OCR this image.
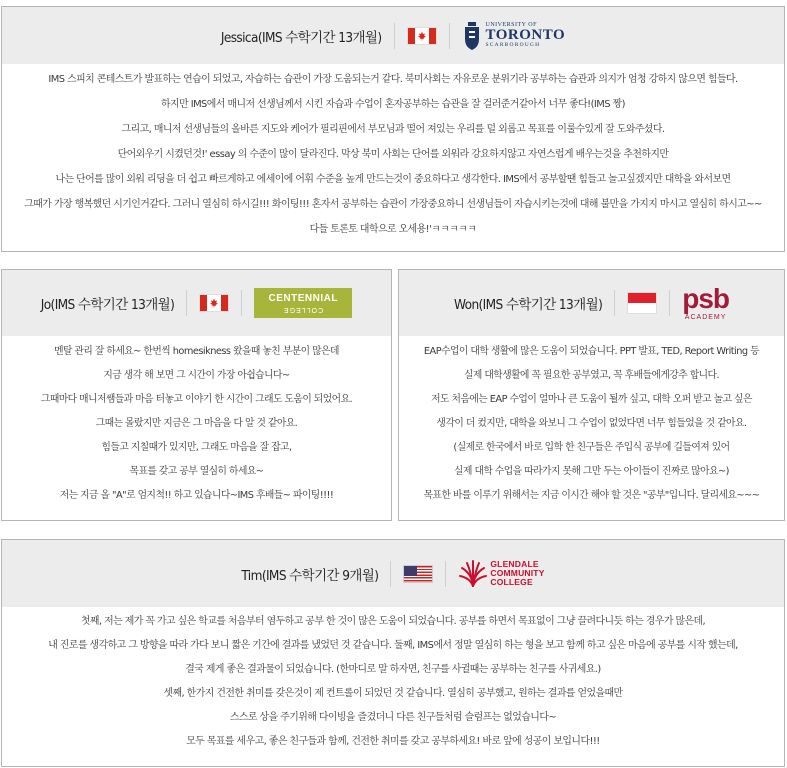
Jessica(IMS 수학기간 13개월)
UNIVERSITY OF
TORONTO
SCARBOROUGH

IMS 스피치 콘테스트가 발표하는 연습이 되었고, 자습하는 습관이 가장 도움되는거 같다. 북미사회는 자유로운 분위기라 공부하는 습관과 의지가 엄청 강하지 않으면 힘들다.

하지만 IMS에서 매니저 선생님께서 시킨 자습과 수업이 혼자공부하는 습관을 잘 걸러준거같아서 너무 좋다!(IMS 짱)

그리고, 매니저 선생님들의 올바른 지도와 케어가 필리핀에서 부모님과 떨어 져있는 우리를 덜 외롭고 목표를 이룰수있게 잘 도와주셨다.

단어외우기 시켰던것!' essay 의 수준이 많이 달라진다. 막상 북미 사회는 단어를 외워라 강요하지않고 자연스럽게 배우는것을 추천하지만

나는 단어를 많이 외워 리딩을 더 쉽고 빠르게하고 에세이에 어휘 수준을 높게 만드는것이 중요하다고 생각한다. IMS에서 공부할땐 힘들고 놀고싶겠지만 대학을 와서보면

그때가 가장 행복했던 시기인거같다. 그러니 열심히 하시길!!! 화이팅!!! 혼자서 공부하는 습관이 가장중요하니 선생님들이 자습시키는것에 대해 불만을 가지지 마시고 열심히 하시고~~

다들 토론토 대학으로 오세용!'ㅋㅋㅋㅋㅋ

Jo(IMS 수학기간 13개월)	CENTENNIAL
COLLEGE

멘탈 관리 잘 하세요~ 한번씩 homesikness 왔을때 놓친 부분이 많은데

지금 생각 해 보면 그 시간이 가장 아쉽습니다~

그때마다 매니저쌤들과 마음 터놓고 이야기 한 시간이 그래도 도움이 되었어요.

그때는 몰랐지만 지금은 그 마음을 다 알 것 같아요.

힘들고 지칠때가 있지만, 그래도 마음을 잘 잡고,

목표를 갖고 공부 열심히 하세요~

저는 지금 올 "A"로 엄지척!! 하고 있습니다~IMS 후배들~ 파이팅!!!!

Won(IMS 수학기간 13개월)	psb
ACADEMY

EAP수업이 대학 생활에 많은 도움이 되었습니다. PPT 발표, TED, Report Writing 등

실제 대학생활에 꼭 필요한 공부였고, 꼭 후배들에게강추 합니다.

저도 처음에는 EAP 수업이 얼마나 큰 도움이 될까 싶고, 대학 오퍼 받고 놀고 싶은

생각이 더 컸지만, 대학을 와보니 그 수업이 없었다면 너무 힘들었을 것 같아요.

(실제로 한국에서 바로 입학 한 친구들은 주입식 공부에 길들여져 있어

실제 대학 수업을 따라가지 못해 그만 두는 아이들이 진짜로 많아요~)

목표한 바를 이루기 위해서는 지금 이시간 해야 할 것은 "공부"입니다. 달리세요~~~

Tim(IMS 수학기간 9개월)
GLENDALE
COMMUNITY
COLLEGE

첫째, 저는 제가 꼭 가고 싶은 학교를 처음부터 염두하고 공부 한 것이 많은 도움이 되었습니다. 공부를 하면서 목표없이 그냥 끌려다니듯 하는 경우가 많은데,

내 진로를 생각하고 그 방향을 따라 가다 보니 짧은 기간에 결과를 냈었던 것 같습니다. 둘째, IMS에서 정말 열심히 하는 형을 보고 함께 하고 싶은 마음에 공부를 시작 했는데,

결국 제게 좋은 결과물이 되었습니다. (한마디로 말 하자면, 친구를 사귈때는 공부하는 친구를 사귀세요.)

셋째, 한가지 건전한 취미를 갖은것이 제 컨트롤이 되었던 것 같습니다. 열심히 공부했고, 원하는 결과를 얻었을때만

스스로 상을 주기위해 다이빙을 즐겼더니 다른 친구들처럼 슬럼프는 없었습니다~

모두 목표를 세우고, 좋은 친구들과 함께, 건전한 취미를 갖고 공부하세요! 바로 앞에 성공이 보입니다!!!
